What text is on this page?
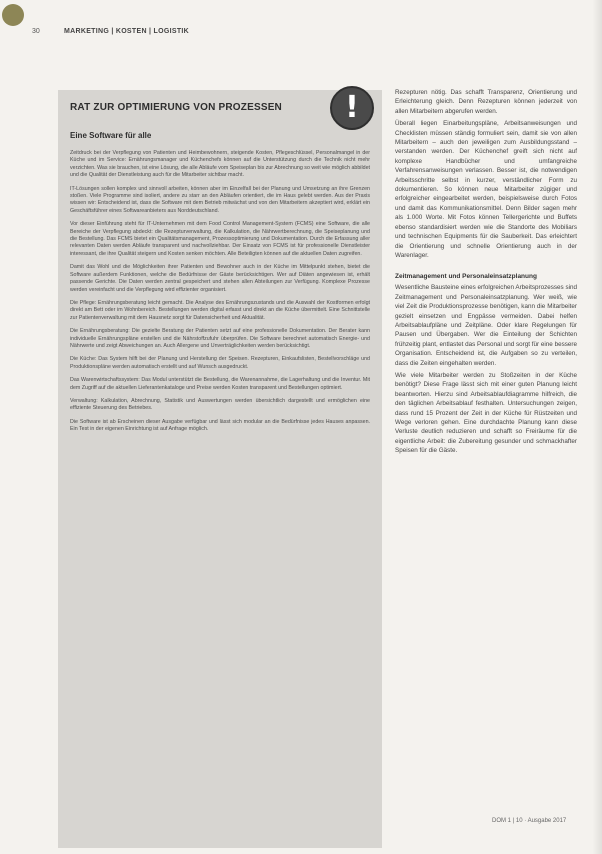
30	MARKETING | KOSTEN | LOGISTIK
RAT ZUR OPTIMIERUNG VON PROZESSEN
Eine Software für alle

Zeitdruck bei der Verpflegung von Patienten und Heimbewohnern, steigende Kosten, Pflegeschlüssel, Personalmangel in der Küche und im Service: Ernährungsmanager und Küchenchefs können auf die Unterstützung durch die Technik nicht mehr verzichten. Was sie brauchen, ist eine Lösung, die alle Abläufe vom Speiseplan bis zur Abrechnung so weit wie möglich abbildet und die Qualität der Dienstleistung auch für die Mitarbeiter sichtbar macht.

IT-Lösungen sollen komplex und sinnvoll arbeiten, können aber im Einzelfall bei der Planung und Umsetzung an ihre Grenzen stoßen. Viele Programme sind isoliert, andere zu starr an den Abläufen orientiert, die im Haus gelebt werden. Aus der Praxis wissen wir: Entscheidend ist, dass die Software mit dem Betrieb mitwächst und von den Mitarbeitern akzeptiert wird, erklärt ein Geschäftsführer eines Softwareanbieters aus Norddeutschland.

Vor dieser Einführung steht für IT-Unternehmen mit dem Food Control Management-System (FCMS) eine Software, die alle Bereiche der Verpflegung abdeckt: die Rezepturverwaltung, die Kalkulation, die Nährwertberechnung, die Speiseplanung und die Bestellung. Das FCMS bietet ein Qualitätsmanagement, Prozessoptimierung und Dokumentation. Durch die Erfassung aller relevanten Daten werden Abläufe transparent und nachvollziehbar. Der Einsatz von FCMS ist für professionelle Dienstleister interessant, die ihre Qualität steigern und Kosten senken möchten. Alle Beteiligten können auf die aktuellen Daten zugreifen.

Damit das Wohl und die Möglichkeiten ihrer Patienten und Bewohner auch in der Küche im Mittelpunkt stehen, bietet die Software außerdem Funktionen, welche die Bedürfnisse der Gäste berücksichtigen. Wer auf Diäten angewiesen ist, erhält passende Gerichte. Die Daten werden zentral gespeichert und stehen allen Abteilungen zur Verfügung. Komplexe Prozesse werden vereinfacht und die Verpflegung wird effizienter organisiert.

Die Pflege: Ernährungsberatung leicht gemacht. Die Analyse des Ernährungszustands und die Auswahl der Kostformen erfolgt direkt am Bett oder im Wohnbereich. Bestellungen werden digital erfasst und direkt an die Küche übermittelt. Eine Schnittstelle zur Patientenverwaltung mit dem Hausnetz sorgt für Datensicherheit und Aktualität.

Die Ernährungsberatung: Die gezielte Beratung der Patienten setzt auf eine professionelle Dokumentation. Der Berater kann individuelle Ernährungspläne erstellen und die Nährstoffzufuhr überprüfen. Die Software berechnet automatisch Energie- und Nährwerte und zeigt Abweichungen an. Auch Allergene und Unverträglichkeiten werden berücksichtigt.

Die Küche: Das System hilft bei der Planung und Herstellung der Speisen. Rezepturen, Einkaufslisten, Bestellvorschläge und Produktionspläne werden automatisch erstellt und auf Wunsch ausgedruckt.

Das Warenwirtschaftssystem: Das Modul unterstützt die Bestellung, die Warenannahme, die Lagerhaltung und die Inventur. Mit dem Zugriff auf die aktuellen Lieferantenkataloge und Preise werden Kosten transparent und Bestellungen optimiert.

Verwaltung: Kalkulation, Abrechnung, Statistik und Auswertungen werden übersichtlich dargestellt und ermöglichen eine effiziente Steuerung des Betriebes.

Die Software ist ab Erscheinen dieser Ausgabe verfügbar und lässt sich modular an die Bedürfnisse jedes Hauses anpassen. Ein Test in der eigenen Einrichtung ist auf Anfrage möglich.

!	Rezepturen nötig. Das schafft Transparenz, Orientierung und Erleichterung gleich. Denn Rezepturen können jederzeit von allen Mitarbeitern abgerufen werden.

Überall liegen Einarbeitungspläne, Arbeitsanweisungen und Checklisten müssen ständig formuliert sein, damit sie von allen Mitarbeitern – auch den jeweiligen zum Ausbildungsstand – verstanden werden. Der Küchenchef greift sich nicht auf komplexe Handbücher und umfangreiche Verfahrensanweisungen verlassen. Besser ist, die notwendigen Arbeitsschritte selbst in kurzer, verständlicher Form zu dokumentieren. So können neue Mitarbeiter zügiger und erfolgreicher eingearbeitet werden, beispielsweise durch Fotos und damit das Kommunikationsmittel. Denn Bilder sagen mehr als 1.000 Worte. Mit Fotos können Tellergerichte und Buffets ebenso standardisiert werden wie die Standorte des Mobiliars und technischen Equipments für die Sauberkeit. Das erleichtert die Orientierung und schnelle Orientierung auch in der Warenlager.

Zeitmanagement und Personaleinsatzplanung

Wesentliche Bausteine eines erfolgreichen Arbeitsprozesses sind Zeitmanagement und Personaleinsatzplanung. Wer weiß, wie viel Zeit die Produktionsprozesse benötigen, kann die Mitarbeiter gezielt einsetzen und Engpässe vermeiden. Dabei helfen Arbeitsablaufpläne und Zeitpläne. Oder klare Regelungen für Pausen und Übergaben. Wer die Einteilung der Schichten frühzeitig plant, entlastet das Personal und sorgt für eine bessere Organisation. Entscheidend ist, die Aufgaben so zu verteilen, dass die Zeiten eingehalten werden.

Wie viele Mitarbeiter werden zu Stoßzeiten in der Küche benötigt? Diese Frage lässt sich mit einer guten Planung leicht beantworten. Hierzu sind Arbeitsablaufdiagramme hilfreich, die den täglichen Arbeitsablauf festhalten. Untersuchungen zeigen, dass rund 15 Prozent der Zeit in der Küche für Rüstzeiten und Wege verloren gehen. Eine durchdachte Planung kann diese Verluste deutlich reduzieren und schafft so Freiräume für die eigentliche Arbeit: die Zubereitung gesunder und schmackhafter Speisen für die Gäste.

DOM 1 | 10 · Ausgabe 2017
